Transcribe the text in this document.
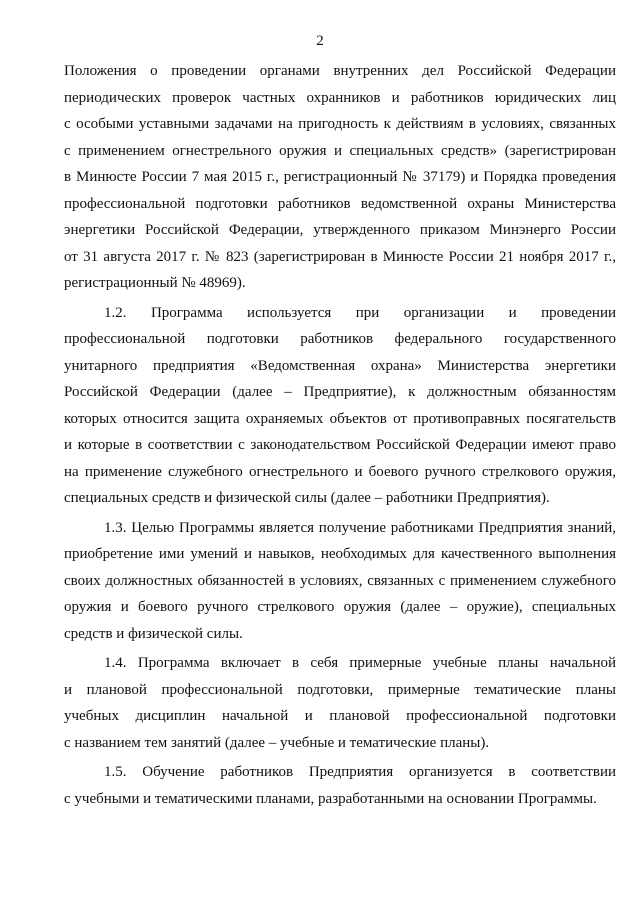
2

Положения о проведении органами внутренних дел Российской Федерации
периодических проверок частных охранников и работников юридических лиц
с особыми уставными задачами на пригодность к действиям в условиях, связанных
с применением огнестрельного оружия и специальных средств» (зарегистрирован
в Минюсте России 7 мая 2015 г., регистрационный № 37179) и Порядка проведения
профессиональной подготовки работников ведомственной охраны Министерства
энергетики Российской Федерации, утвержденного приказом Минэнерго России
от 31 августа 2017 г. № 823 (зарегистрирован в Минюсте России 21 ноября 2017 г.,
регистрационный № 48969).

1.2. Программа используется при организации и проведении
профессиональной подготовки работников федерального государственного
унитарного предприятия «Ведомственная охрана» Министерства энергетики
Российской Федерации (далее – Предприятие), к должностным обязанностям
которых относится защита охраняемых объектов от противоправных посягательств
и которые в соответствии с законодательством Российской Федерации имеют право
на применение служебного огнестрельного и боевого ручного стрелкового оружия,
специальных средств и физической силы (далее – работники Предприятия).

1.3. Целью Программы является получение работниками Предприятия знаний,
приобретение ими умений и навыков, необходимых для качественного выполнения
своих должностных обязанностей в условиях, связанных с применением служебного
оружия и боевого ручного стрелкового оружия (далее – оружие), специальных
средств и физической силы.

1.4. Программа включает в себя примерные учебные планы начальной
и плановой профессиональной подготовки, примерные тематические планы
учебных дисциплин начальной и плановой профессиональной подготовки
с названием тем занятий (далее – учебные и тематические планы).

1.5. Обучение работников Предприятия организуется в соответствии
с учебными и тематическими планами, разработанными на основании Программы.
